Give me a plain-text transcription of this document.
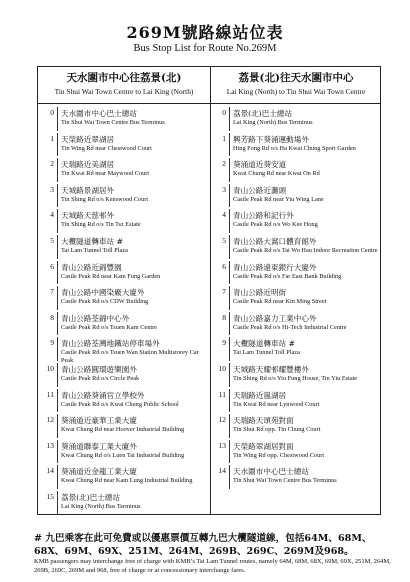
269M號路線站位表
Bus Stop List for Route No.269M
天水圍市中心往荔景(北)
Tin Shui Wai Town Centre to Lai King (North)
荔景(北)往天水圍市中心
Lai King (North) to Tin Shui Wai Town Centre
0 天水圍市中心巴士總站
Tin Shui Wai Town Centre Bus Terminus
1 天榮路近翠湖居
Tin Wing Rd near Chestwood Court
2 天瑞路近美湖居
Tin Kwai Rd near Maywood Court
3 天城路景湖居外
Tin Shing Rd o/s Kenswood Court
4 天城路天慈邨外
Tin Shing Rd o/s Tin Tsz Estate
5 大欖隧道轉車站 #
Tai Lam Tunnel Toll Plaza
6 青山公路近錦豐園
Castle Peak Rd near Kam Fung Garden
7 青山公路中國染廠大廈外
Castle Peak Rd o/s CDW Building
8 青山公路荃錦中心外
Castle Peak Rd o/s Tsuen Kam Centre
9 青山公路荃灣地鐵站停車場外
Castle Peak Rd o/s Tsuen Wan Station Multistorey Car Peak
10 青山公路圓環遊樂園外
Castle Peak Rd o/s Circle Peak
11 青山公路葵涌官立學校外
Castle Peak Rd o/s Kwai Chung Public School
12 葵涌道近豪華工業大廈
Kwai Chung Rd near Hoover Industrial Building
13 葵涌道聯泰工業大廈外
Kwai Chung Rd o/s Luen Tai Industrial Building
14 葵涌道近金龍工業大廈
Kwai Chung Rd near Kam Lung Industrial Building
15 荔景(北)巴士總站
Lai King (North) Bus Terminus
0 荔景(北)巴士總站
Lai King (North) Bus Terminus
1 興芳路下葵涌運動場外
Hing Fong Rd o/s Ha Kwai Chung Sport Garden
2 葵涌道近葵安道
Kwai Chung Rd near Kwai On Rd
3 青山公路近灘頭
Castle Peak Rd near Yiu Wing Lane
4 青山公路和記行外
Castle Peak Rd o/s Wo Kee Hong
5 青山公路大窩口體育館外
Castle Peak Rd o/s Tai Wo Hau Indoor Recreation Centre
6 青山公路遠東銀行大廈外
Castle Peak Rd o/s Far East Bank Building
7 青山公路近明街
Castle Peak Rd near Kin Ming Street
8 青山公路嘉力工業中心外
Castle Peak Rd o/s Hi-Tech Industrial Centre
9 大欖隧道轉車站 #
Tai Lam Tunnel Toll Plaza
10 天城路天耀邨耀豐樓外
Tin Shing Rd o/s Yiu Fung House, Tin Yiu Estate
11 天瑞路近嵐湖居
Tin Kwai Rd near Lynwood Court
12 天瑞路天頌苑對面
Tin Shui Rd opp. Tin Chung Court
13 天榮路翠湖居對面
Tin Wing Rd opp. Chestwood Court
14 天水圍市中心巴士總站
Tin Shui Wai Town Centre Bus Terminus
# 九巴乘客在此可免費或以優惠票價互轉九巴大欖隧道線，包括64M、68M、68X、69M、69X、251M、264M、269B、269C、269M及968。
KMB passengers may interchange free of charge with KMB’s Tai Lam Tunnel routes, namely 64M, 68M, 68X, 69M, 69X, 251M, 264M, 269B, 269C, 269M and 968, free of charge or at concessionary interchange fares.
